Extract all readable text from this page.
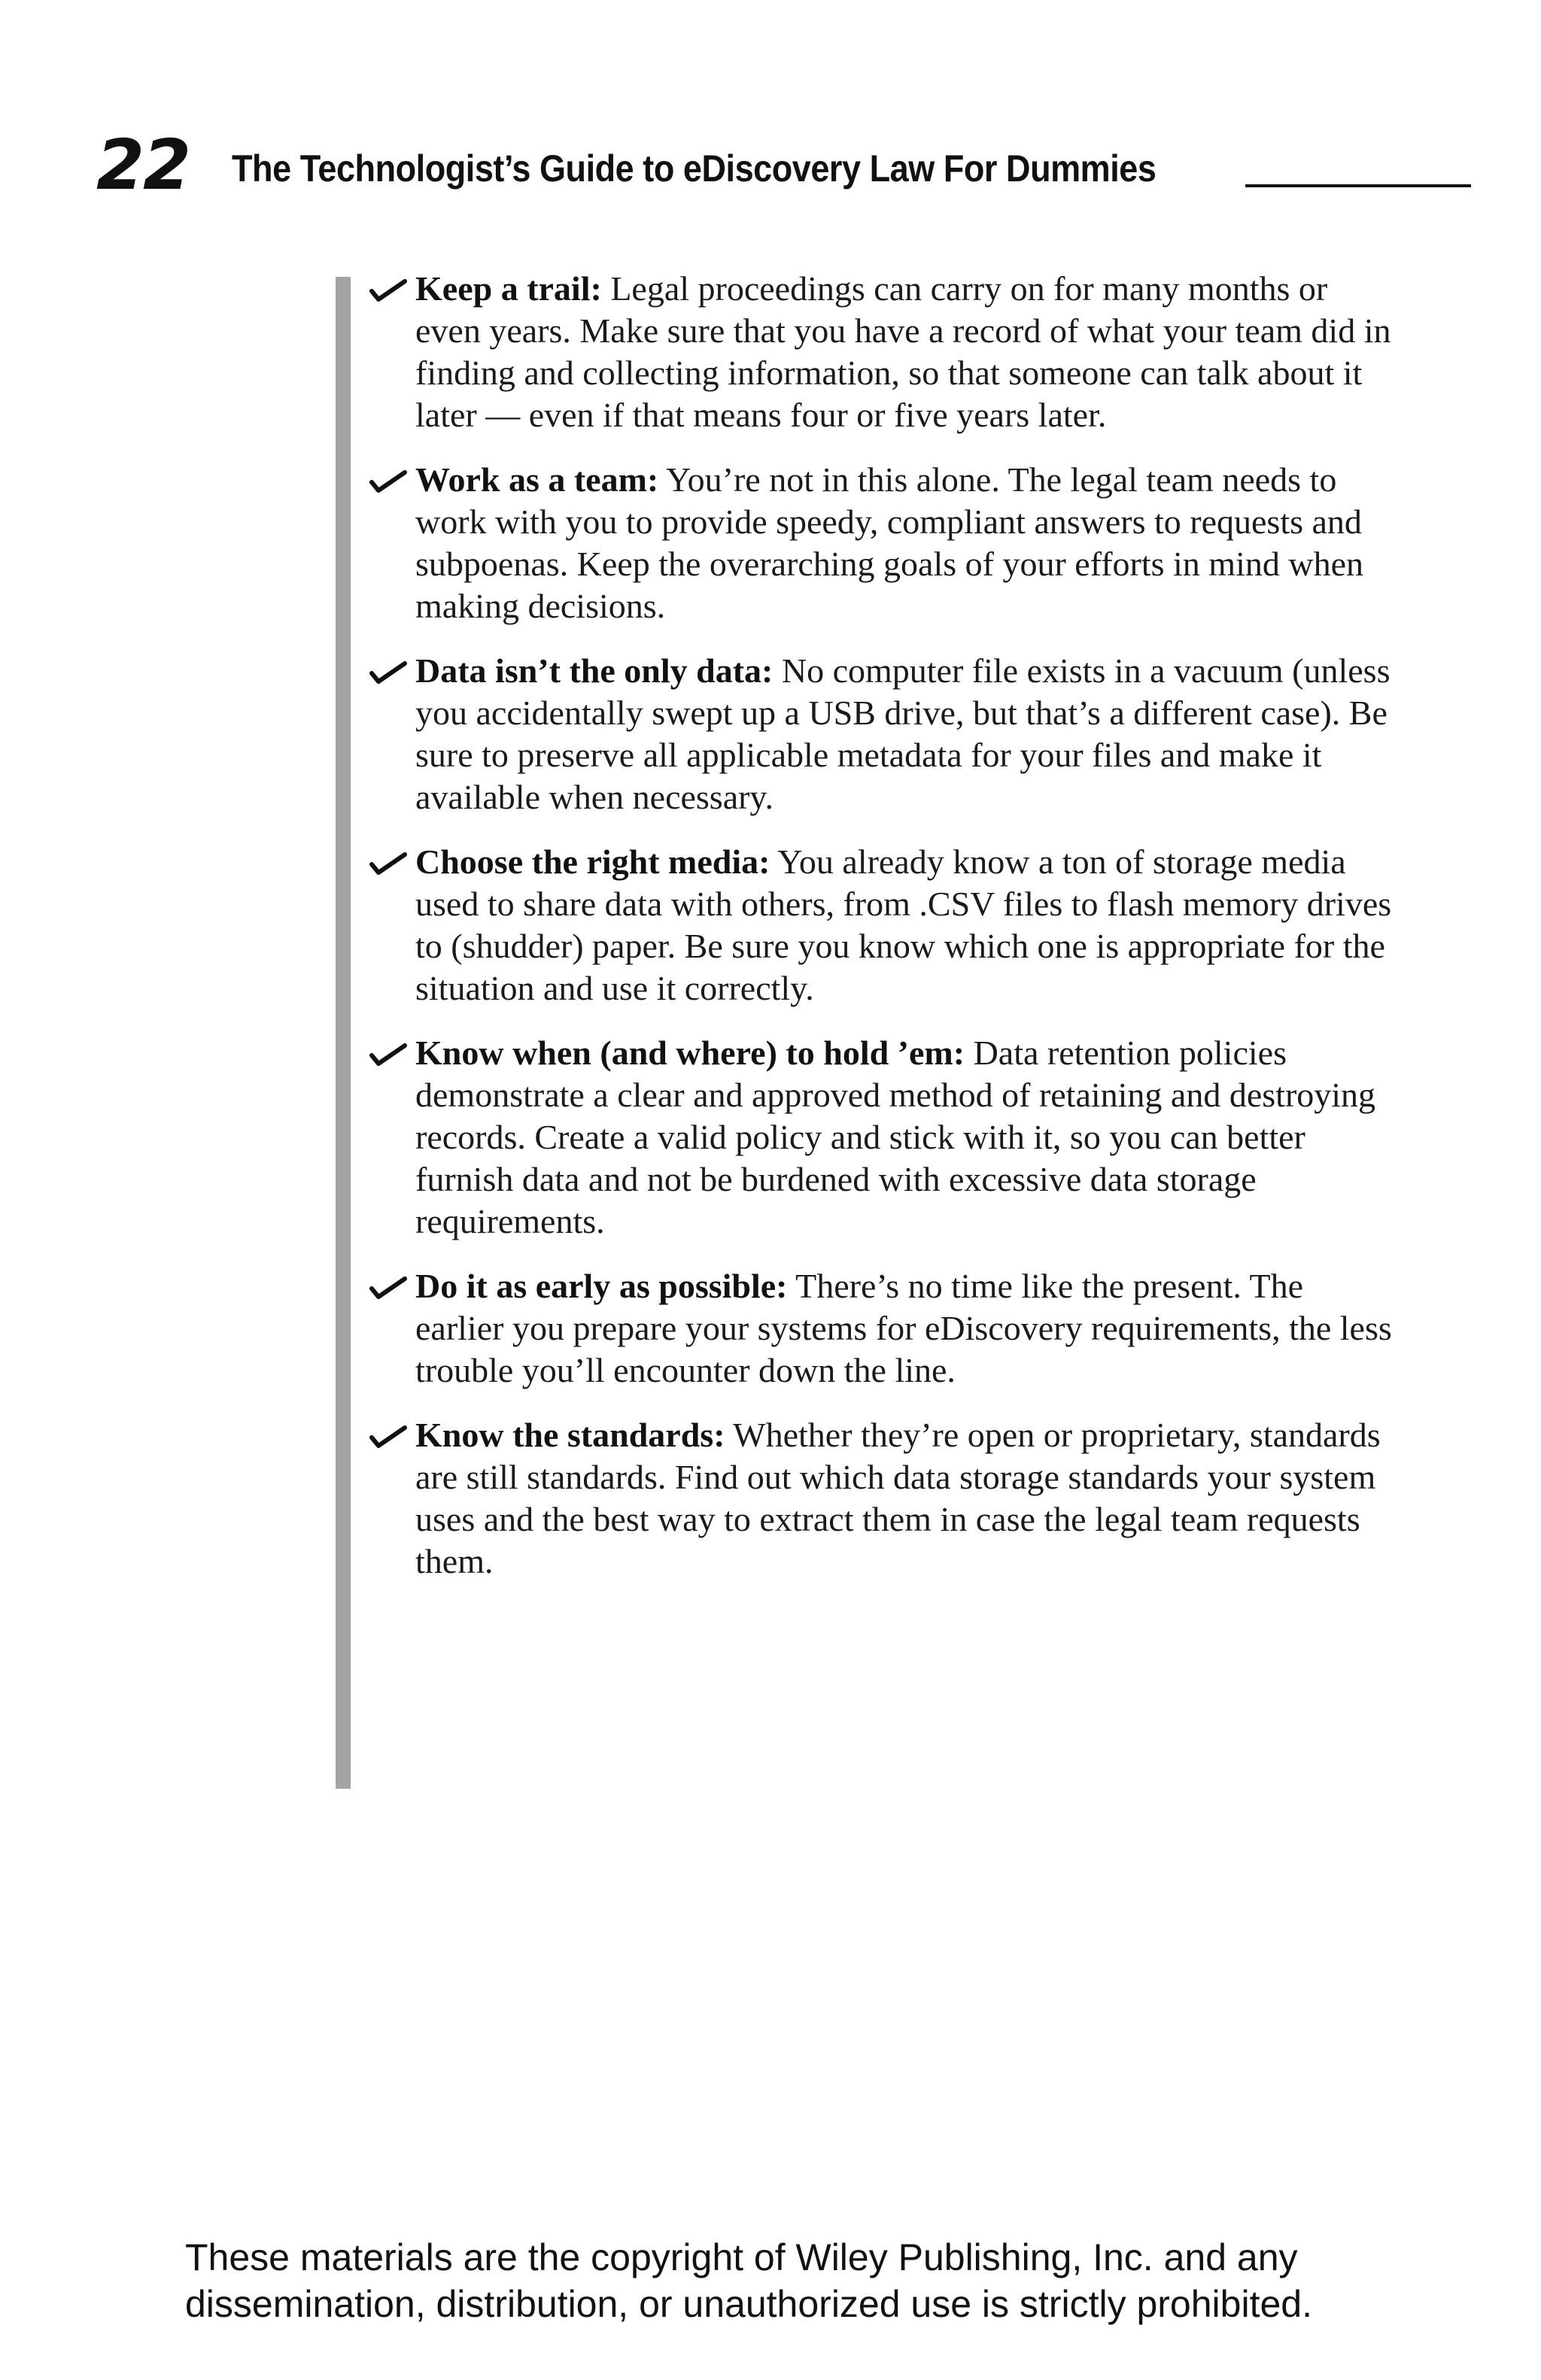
22 The Technologist’s Guide to eDiscovery Law For Dummies
Keep a trail: Legal proceedings can carry on for many months or even years. Make sure that you have a record of what your team did in finding and collecting information, so that someone can talk about it later — even if that means four or five years later.
Work as a team: You’re not in this alone. The legal team needs to work with you to provide speedy, compliant answers to requests and subpoenas. Keep the overarching goals of your efforts in mind when making decisions.
Data isn’t the only data: No computer file exists in a vacuum (unless you accidentally swept up a USB drive, but that’s a different case). Be sure to preserve all applicable metadata for your files and make it available when necessary.
Choose the right media: You already know a ton of storage media used to share data with others, from .CSV files to flash memory drives to (shudder) paper. Be sure you know which one is appropriate for the situation and use it correctly.
Know when (and where) to hold ’em: Data retention policies demonstrate a clear and approved method of retaining and destroying records. Create a valid policy and stick with it, so you can better furnish data and not be burdened with excessive data storage requirements.
Do it as early as possible: There’s no time like the present. The earlier you prepare your systems for eDiscovery requirements, the less trouble you’ll encounter down the line.
Know the standards: Whether they’re open or proprietary, standards are still standards. Find out which data storage standards your system uses and the best way to extract them in case the legal team requests them.
These materials are the copyright of Wiley Publishing, Inc. and any
dissemination, distribution, or unauthorized use is strictly prohibited.
